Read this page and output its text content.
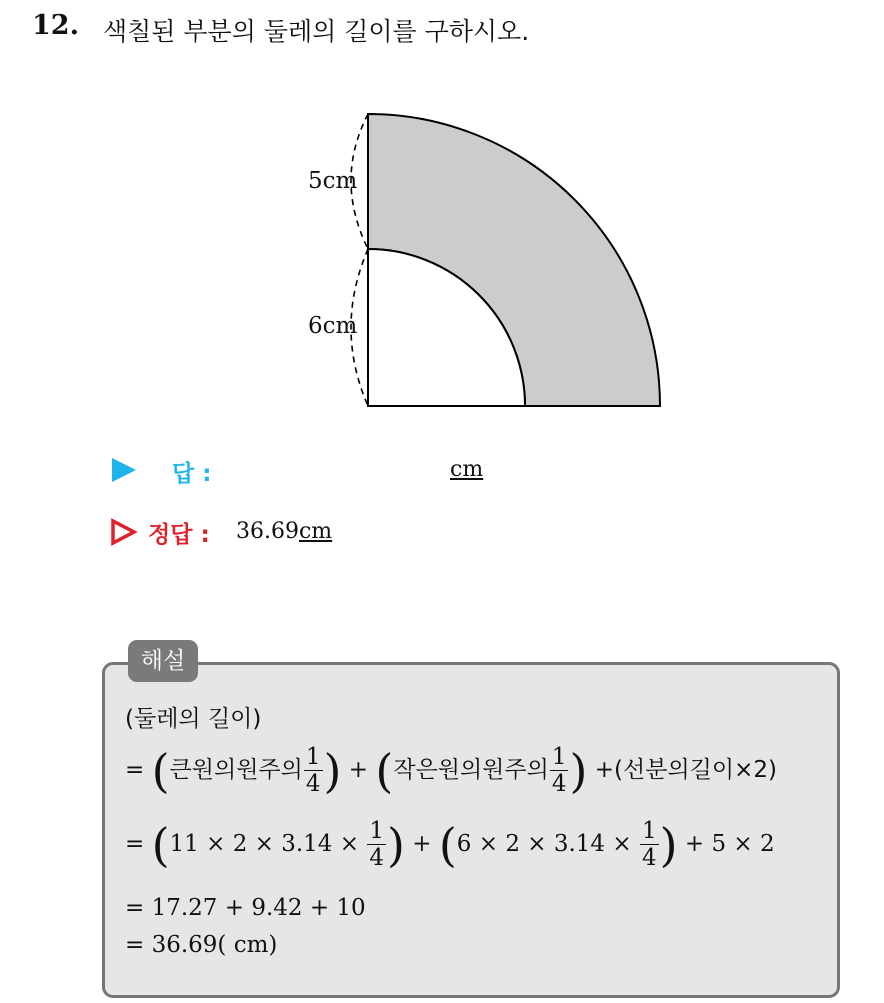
12. 색칠된 부분의 둘레의 길이를 구하시오.
5cm
6cm
답 :	cm
정답 : 36.69cm
해설
(둘레의 길이)
= (큰원의원주의 $\frac{1}{4}$ ) + (작은원의원주의 $\frac{1}{4}$ ) +(선분의길이×2)
= ($11 \times 2 \times 3.14 \times \frac{1}{4}$ ) + ($6 \times 2 \times 3.14 \times \frac{1}{4}$ ) + 5 × 2
= 17.27 + 9.42 + 10
= 36.69( cm)
